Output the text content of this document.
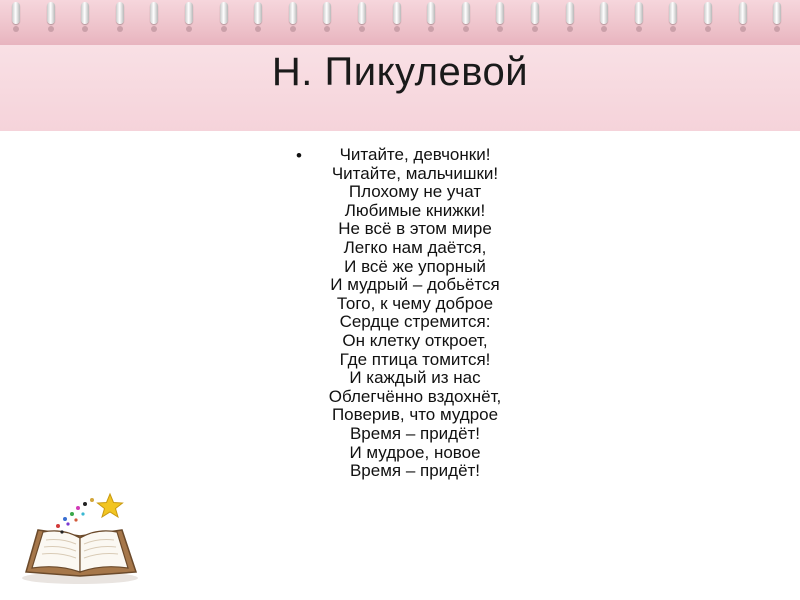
Н. Пикулевой
•	Читайте, девчонки!
Читайте, мальчишки!
Плохому не учат
Любимые книжки!
Не всё в этом мире
Легко нам даётся,
И всё же упорный
И мудрый – добьётся
Того, к чему доброе
Сердце стремится:
Он клетку откроет,
Где птица томится!
И каждый из нас
Облегчённо вздохнёт,
Поверив, что мудрое
Время – придёт!
И мудрое, новое
Время – придёт!
